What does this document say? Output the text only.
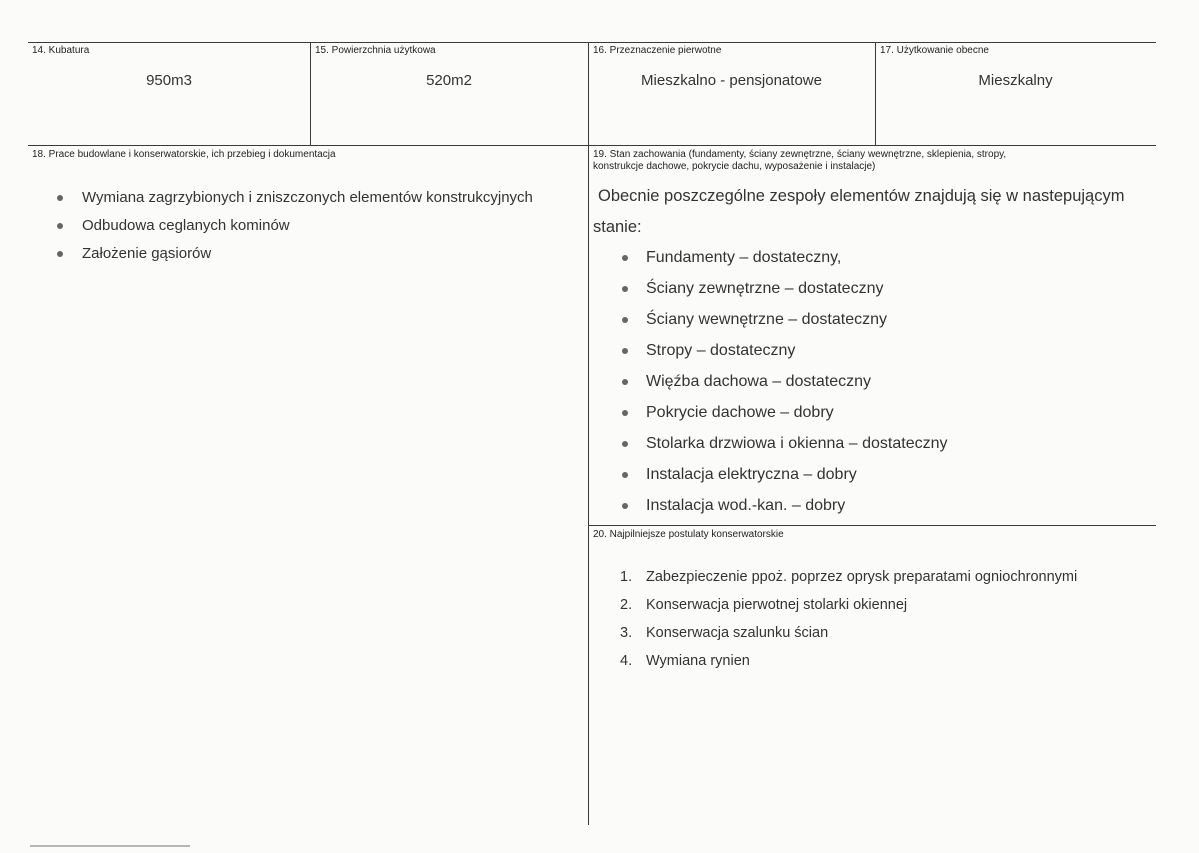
14. Kubatura
950m3
15. Powierzchnia użytkowa
520m2
16. Przeznaczenie pierwotne
Mieszkalno - pensjonatowe
17. Użytkowanie obecne
Mieszkalny
18. Prace budowlane i konserwatorskie, ich przebieg i dokumentacja
Wymiana zagrzybionych i zniszczonych elementów konstrukcyjnych
Odbudowa ceglanych kominów
Założenie gąsiorów
19. Stan zachowania (fundamenty, ściany zewnętrzne, ściany wewnętrzne, sklepienia, stropy,
konstrukcje dachowe, pokrycie dachu, wyposażenie i instalacje)
Obecnie poszczególne zespoły elementów znajdują się w nastepującym
stanie:
Fundamenty – dostateczny,
Ściany zewnętrzne – dostateczny
Ściany wewnętrzne – dostateczny
Stropy – dostateczny
Więźba dachowa – dostateczny
Pokrycie dachowe – dobry
Stolarka drzwiowa i okienna – dostateczny
Instalacja elektryczna – dobry
Instalacja wod.-kan. – dobry
20. Najpilniejsze postulaty konserwatorskie
1. Zabezpieczenie ppoż. poprzez oprysk preparatami ogniochronnymi
2. Konserwacja pierwotnej stolarki okiennej
3. Konserwacja szalunku ścian
4. Wymiana rynien
